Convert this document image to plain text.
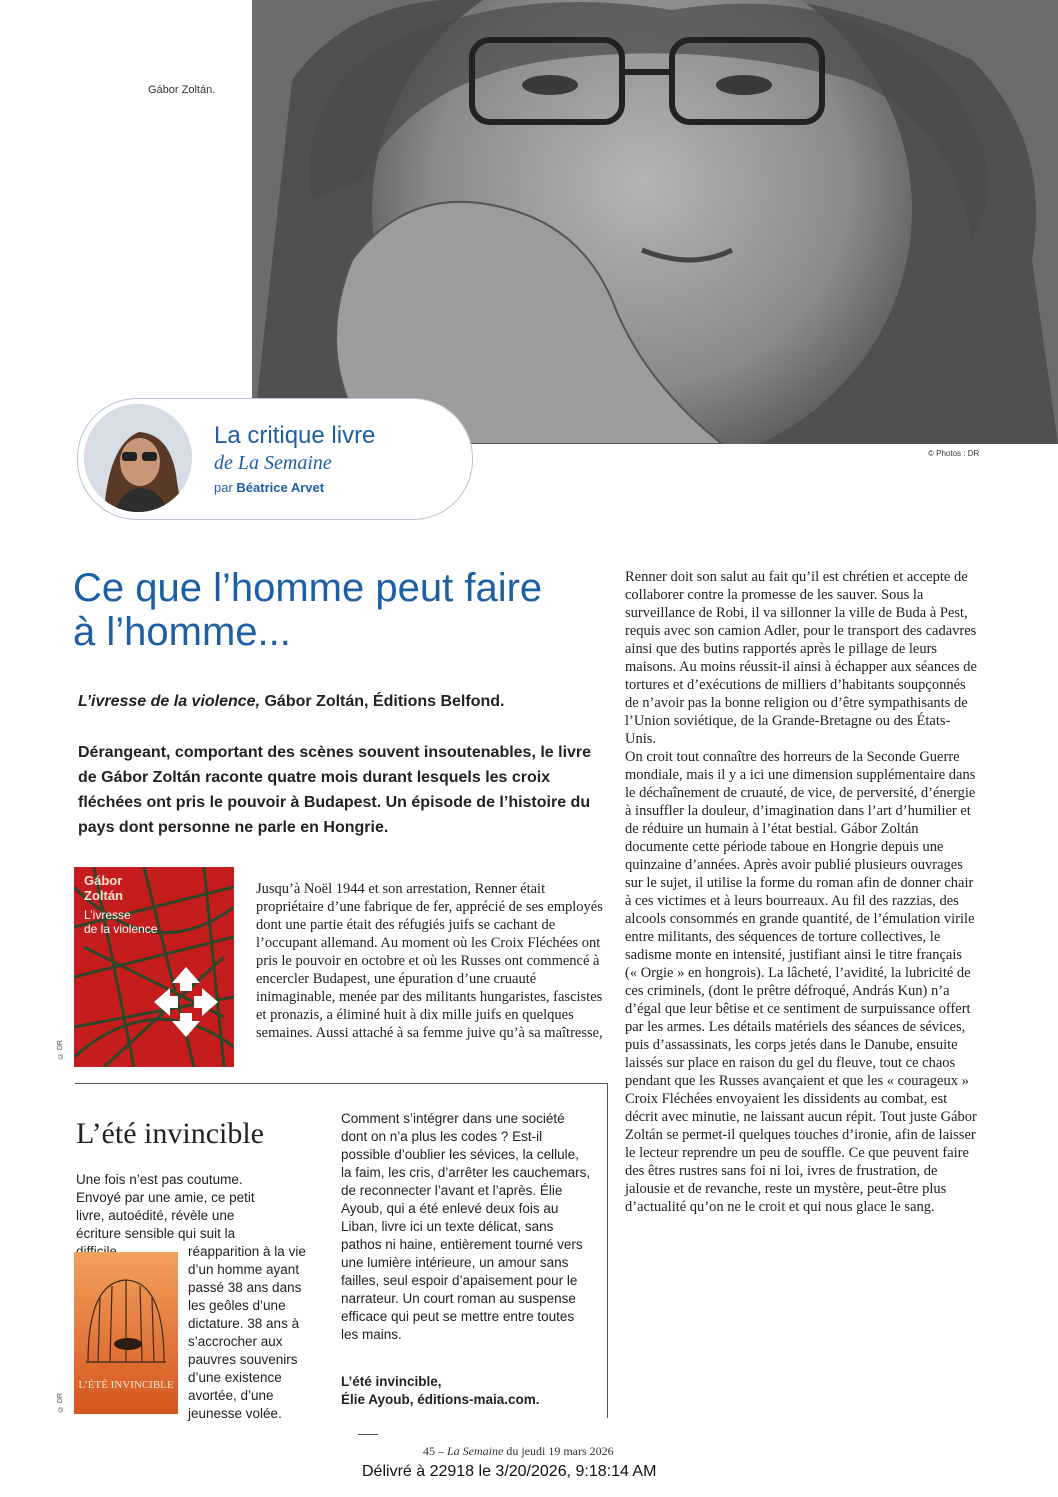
Gábor Zoltán.
© Photos : DR
La critique livre
de La Semaine
par Béatrice Arvet
Ce que l’homme peut faire à l’homme...
L’ivresse de la violence, Gábor Zoltán, Éditions Belfond.
Dérangeant, comportant des scènes souvent insoutenables, le livre de Gábor Zoltán raconte quatre mois durant lesquels les croix fléchées ont pris le pouvoir à Budapest. Un épisode de l’histoire du pays dont personne ne parle en Hongrie.
Gábor
Zoltán
L’ivresse
de la violence
© DR
Jusqu’à Noël 1944 et son arrestation, Renner était propriétaire d’une fabrique de fer, apprécié de ses employés dont une partie était des réfugiés juifs se cachant de l’occupant allemand. Au moment où les Croix Fléchées ont pris le pouvoir en octobre et où les Russes ont commencé à encercler Budapest, une épuration d’une cruauté inimaginable, menée par des militants hungaristes, fascistes et pronazis, a éliminé huit à dix mille juifs en quelques semaines. Aussi attaché à sa femme juive qu’à sa maîtresse,
Renner doit son salut au fait qu’il est chrétien et accepte de collaborer contre la promesse de les sauver. Sous la surveillance de Robi, il va sillonner la ville de Buda à Pest, requis avec son camion Adler, pour le transport des cadavres ainsi que des butins rapportés après le pillage de leurs maisons. Au moins réussit-il ainsi à échapper aux séances de tortures et d’exécutions de milliers d’habitants soupçonnés de n’avoir pas la bonne religion ou d’être sympathisants de l’Union soviétique, de la Grande-Bretagne ou des États-Unis.
On croit tout connaître des horreurs de la Seconde Guerre mondiale, mais il y a ici une dimension supplémentaire dans le déchaînement de cruauté, de vice, de perversité, d’énergie à insuffler la douleur, d’imagination dans l’art d’humilier et de réduire un humain à l’état bestial. Gábor Zoltán documente cette période taboue en Hongrie depuis une quinzaine d’années. Après avoir publié plusieurs ouvrages sur le sujet, il utilise la forme du roman afin de donner chair à ces victimes et à leurs bourreaux. Au fil des razzias, des alcools consommés en grande quantité, de l’émulation virile entre militants, des séquences de torture collectives, le sadisme monte en intensité, justifiant ainsi le titre français (« Orgie » en hongrois). La lâcheté, l’avidité, la lubricité de ces criminels, (dont le prêtre défroqué, András Kun) n’a d’égal que leur bêtise et ce sentiment de surpuissance offert par les armes. Les détails matériels des séances de sévices, puis d’assassinats, les corps jetés dans le Danube, ensuite laissés sur place en raison du gel du fleuve, tout ce chaos pendant que les Russes avançaient et que les « courageux » Croix Fléchées envoyaient les dissidents au combat, est décrit avec minutie, ne laissant aucun répit. Tout juste Gábor Zoltán se permet-il quelques touches d’ironie, afin de laisser le lecteur reprendre un peu de souffle. Ce que peuvent faire des êtres rustres sans foi ni loi, ivres de frustration, de jalousie et de revanche, reste un mystère, peut-être plus d’actualité qu’on ne le croit et qui nous glace le sang.
L’été invincible
Une fois n’est pas coutume. Envoyé par une amie, ce petit livre, autoédité, révèle une écriture sensible qui suit la
réapparition à la vie d’un homme ayant passé 38 ans dans les geôles d’une dictature. 38 ans à s’accrocher aux pauvres souvenirs d’une existence avortée, d’une jeunesse volée.
L’ÉTÉ INVINCIBLE
© DR
Comment s’intégrer dans une société dont on n’a plus les codes ? Est-il possible d’oublier les sévices, la cellule, la faim, les cris, d’arrêter les cauchemars, de reconnecter l’avant et l’après. Élie Ayoub, qui a été enlevé deux fois au Liban, livre ici un texte délicat, sans pathos ni haine, entièrement tourné vers une lumière intérieure, un amour sans failles, seul espoir d’apaisement pour le narrateur. Un court roman au suspense efficace qui peut se mettre entre toutes les mains.
L’été invincible,
Élie Ayoub, éditions-maia.com.
45 – La Semaine du jeudi 19 mars 2026
Délivré à 22918 le 3/20/2026, 9:18:14 AM
